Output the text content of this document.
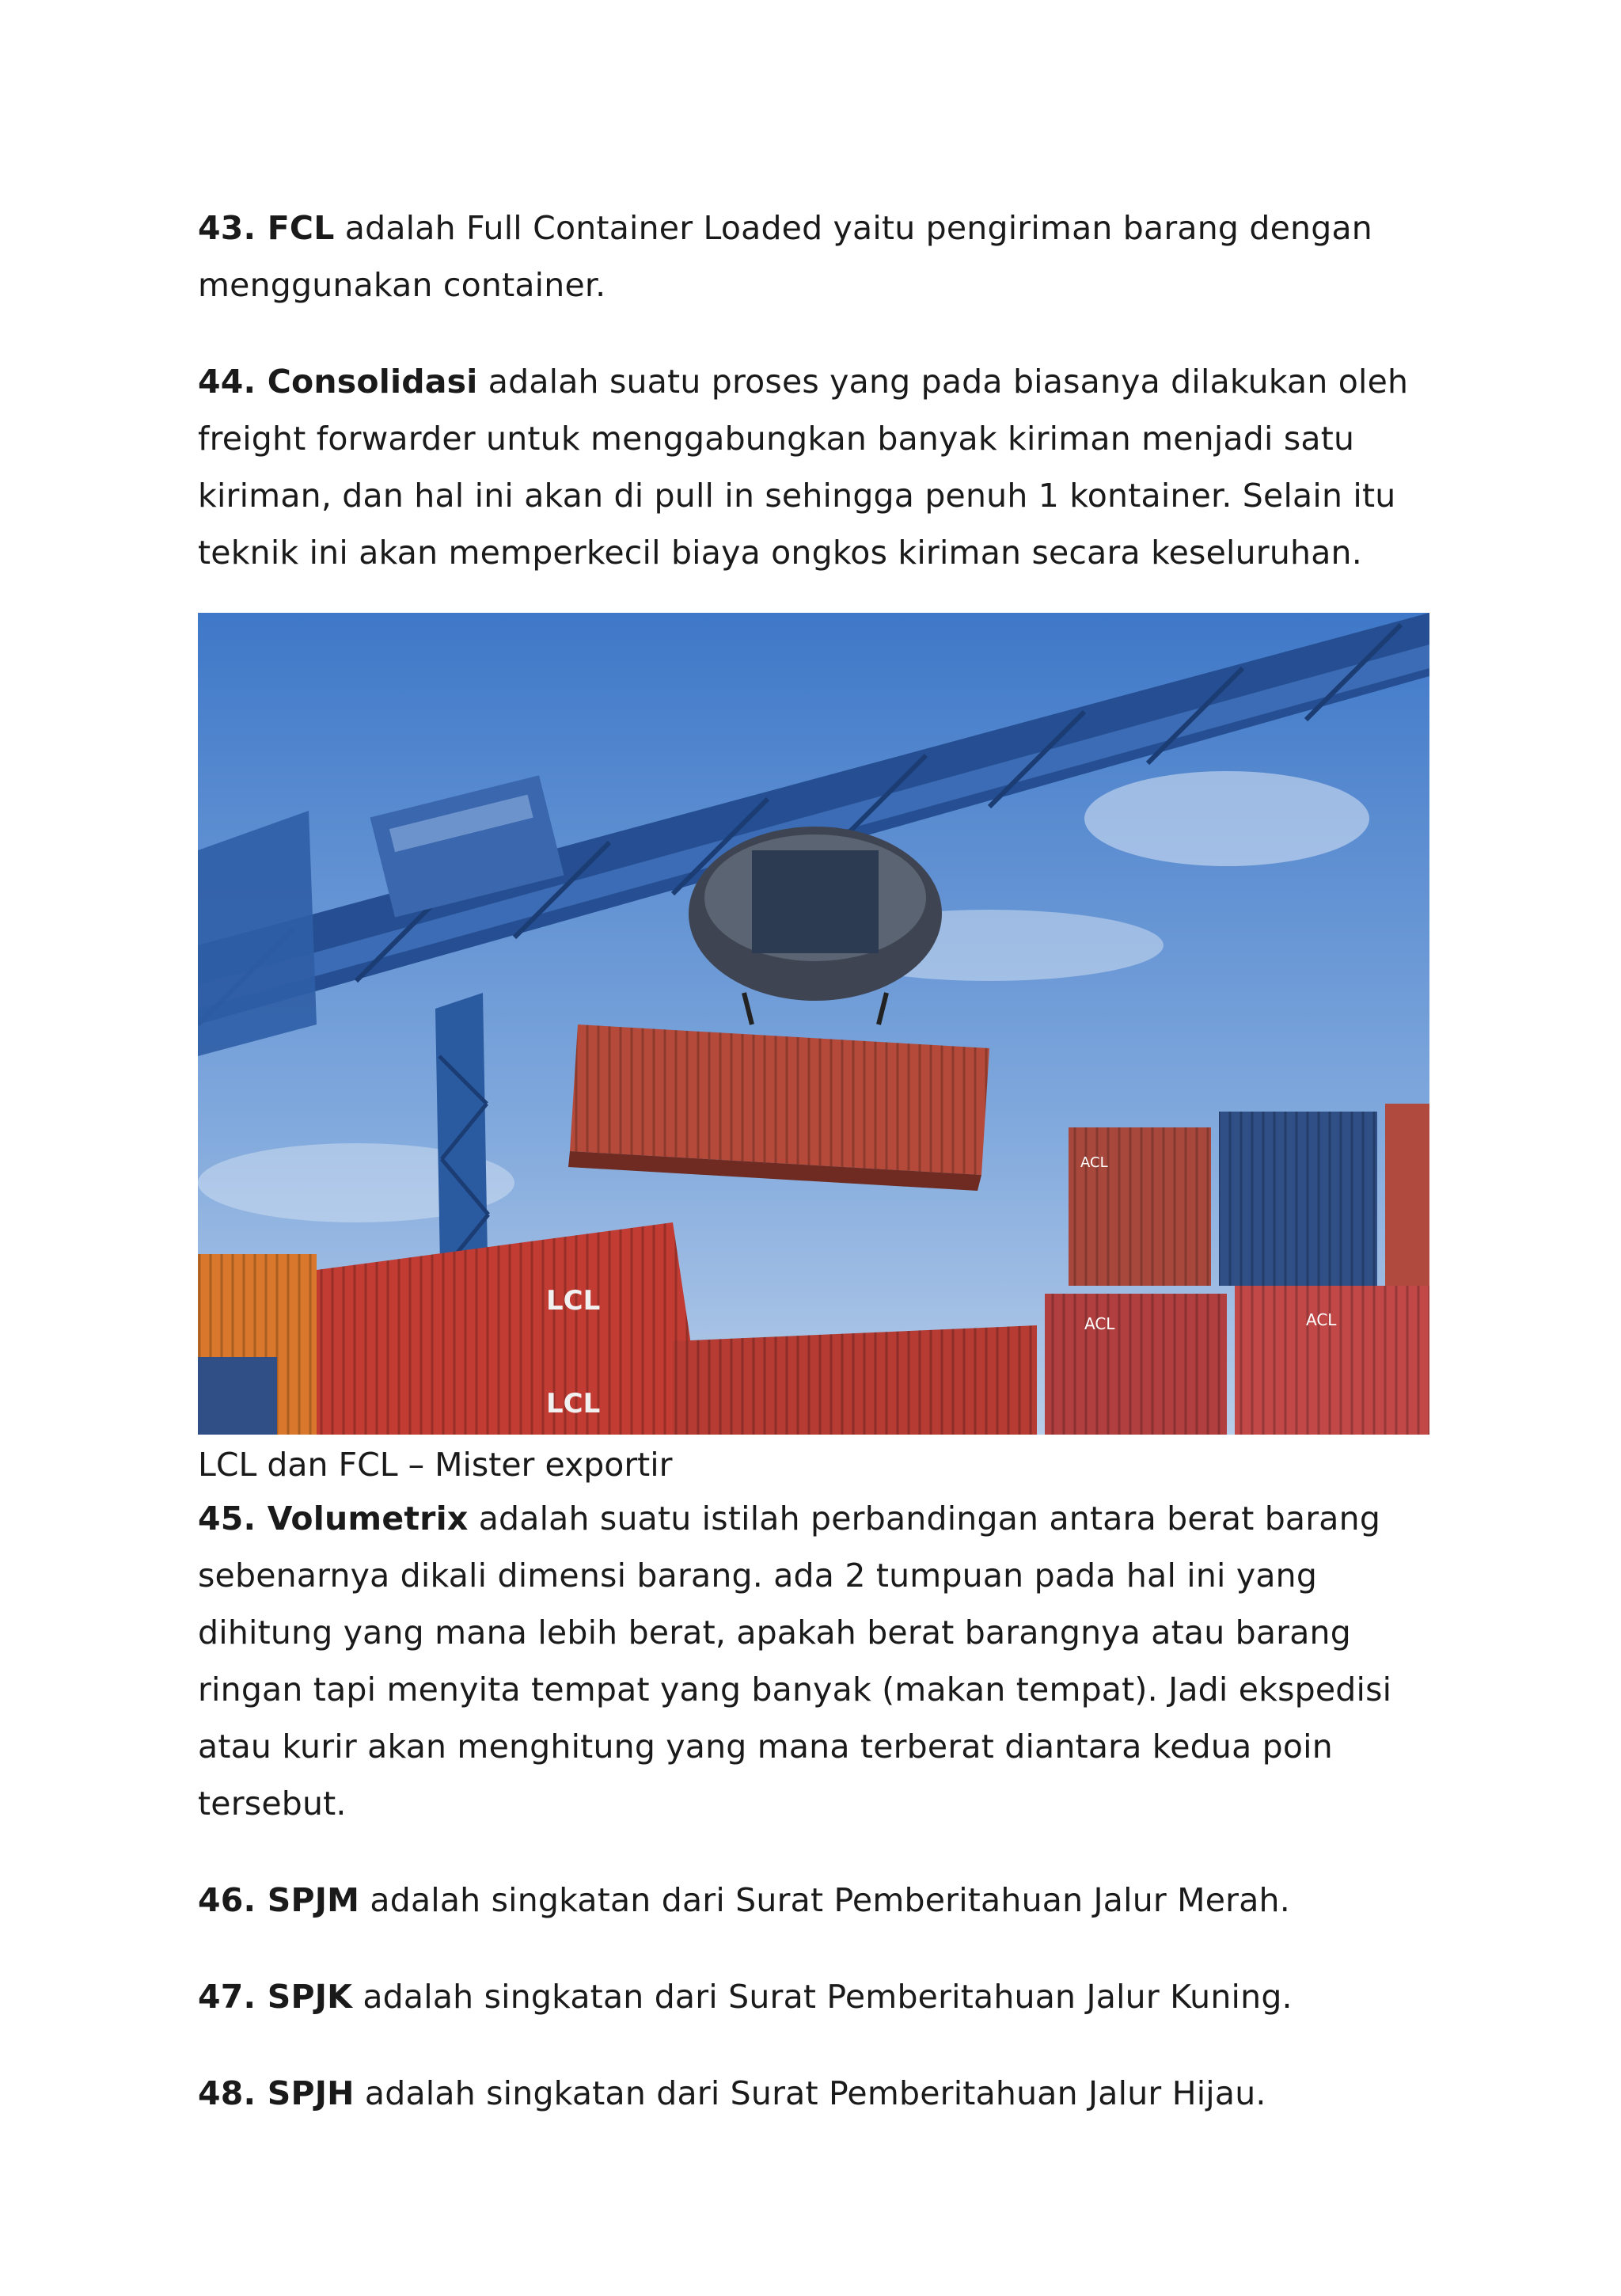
43. FCL adalah Full Container Loaded yaitu pengiriman barang dengan menggunakan container.

44. Consolidasi adalah suatu proses yang pada biasanya dilakukan oleh freight forwarder untuk menggabungkan banyak kiriman menjadi satu kiriman, dan hal ini akan di pull in sehingga penuh 1 kontainer. Selain itu teknik ini akan memperkecil biaya ongkos kiriman secara keseluruhan.

ACL
ACL	ACL
LCL
LCL

LCL dan FCL – Mister exportir

45. Volumetrix adalah suatu istilah perbandingan antara berat barang sebenarnya dikali dimensi barang. ada 2 tumpuan pada hal ini yang dihitung yang mana lebih berat, apakah berat barangnya atau barang ringan tapi menyita tempat yang banyak (makan tempat). Jadi ekspedisi atau kurir akan menghitung yang mana terberat diantara kedua poin tersebut.

46. SPJM adalah singkatan dari Surat Pemberitahuan Jalur Merah.

47. SPJK adalah singkatan dari Surat Pemberitahuan Jalur Kuning.

48. SPJH adalah singkatan dari Surat Pemberitahuan Jalur Hijau.
